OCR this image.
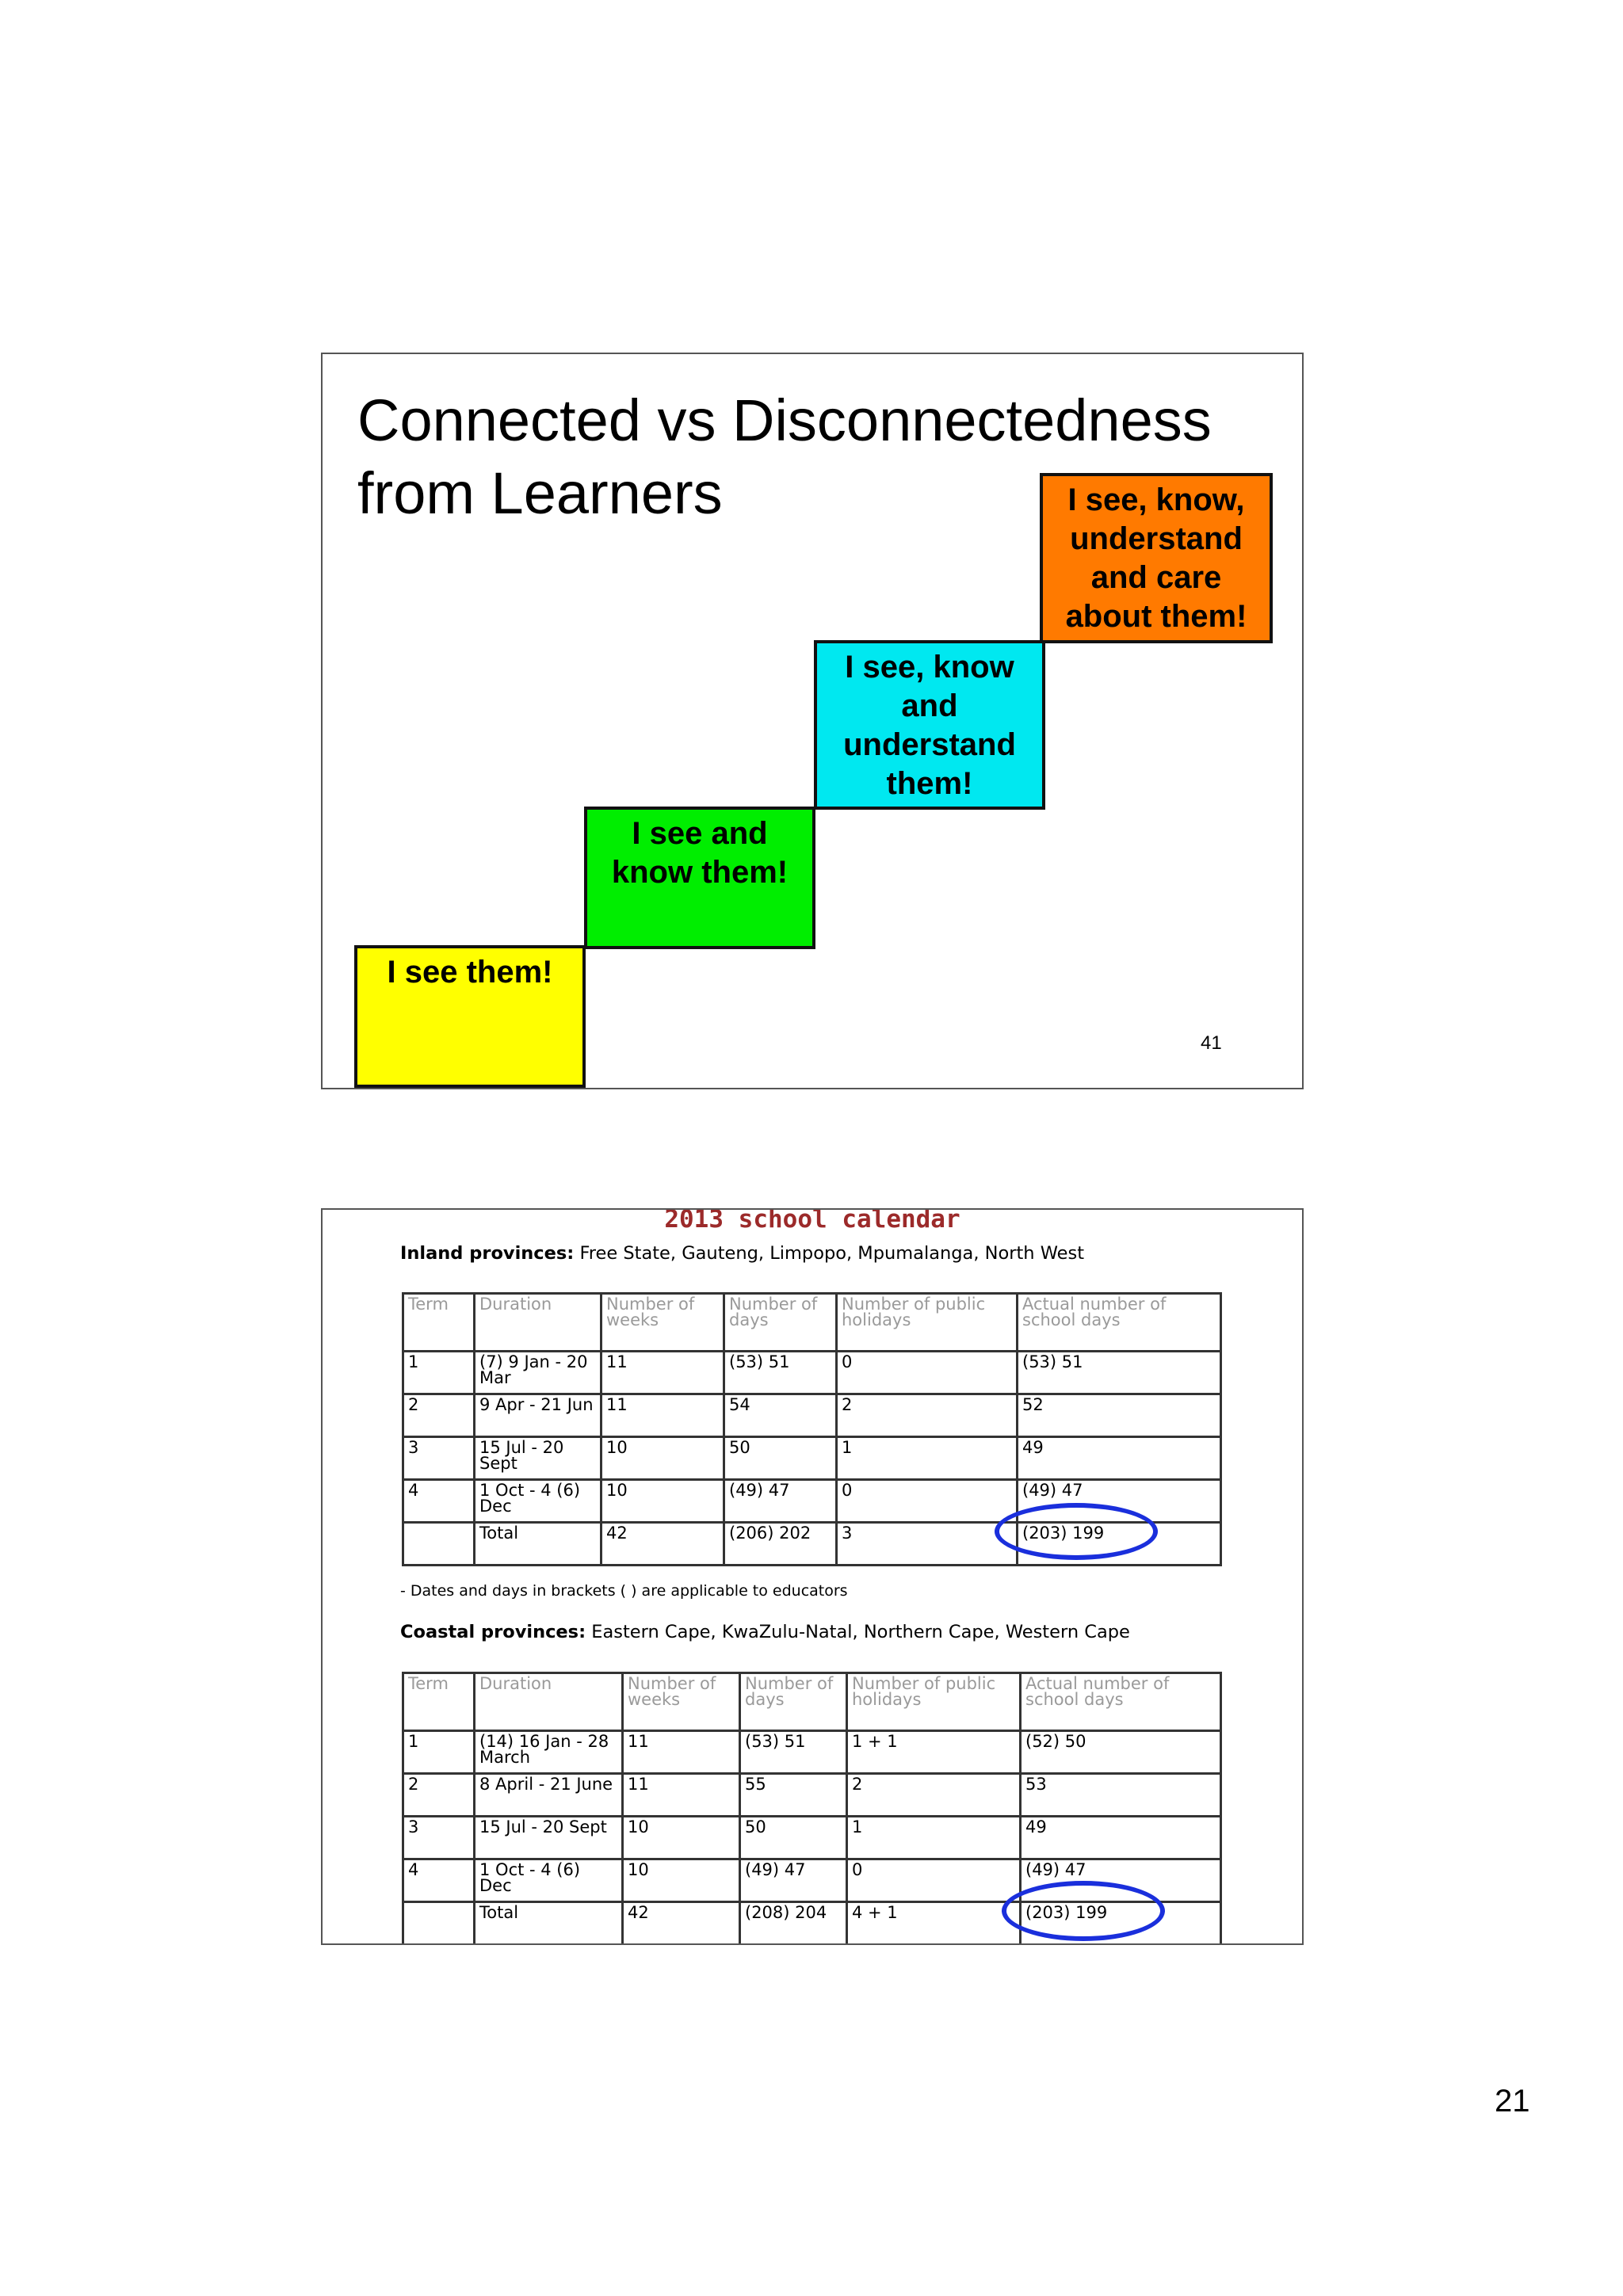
Connected vs Disconnectedness
from Learners	I see, know,
understand
and care
about them!
I see, know
and
understand
them!
I see and
know them!
I see them!
41
2013 school calendar
Inland provinces: Free State, Gauteng, Limpopo, Mpumalanga, North West
Term	Duration	Number of weeks	Number of days	Number of public holidays	Actual number of school days
1	(7) 9 Jan - 20 Mar	11	(53) 51	0	(53) 51
2	9 Apr - 21 Jun	11	54	2	52
3	15 Jul - 20 Sept	10	50	1	49
4	1 Oct - 4 (6) Dec	10	(49) 47	0	(49) 47
	Total	42	(206) 202	3	(203) 199
- Dates and days in brackets ( ) are applicable to educators
Coastal provinces: Eastern Cape, KwaZulu-Natal, Northern Cape, Western Cape
Term	Duration	Number of weeks	Number of days	Number of public holidays	Actual number of school days
1	(14) 16 Jan - 28 March	11	(53) 51	1 + 1	(52) 50
2	8 April - 21 June	11	55	2	53
3	15 Jul - 20 Sept	10	50	1	49
4	1 Oct - 4 (6) Dec	10	(49) 47	0	(49) 47
	Total	42	(208) 204	4 + 1	(203) 199
21
